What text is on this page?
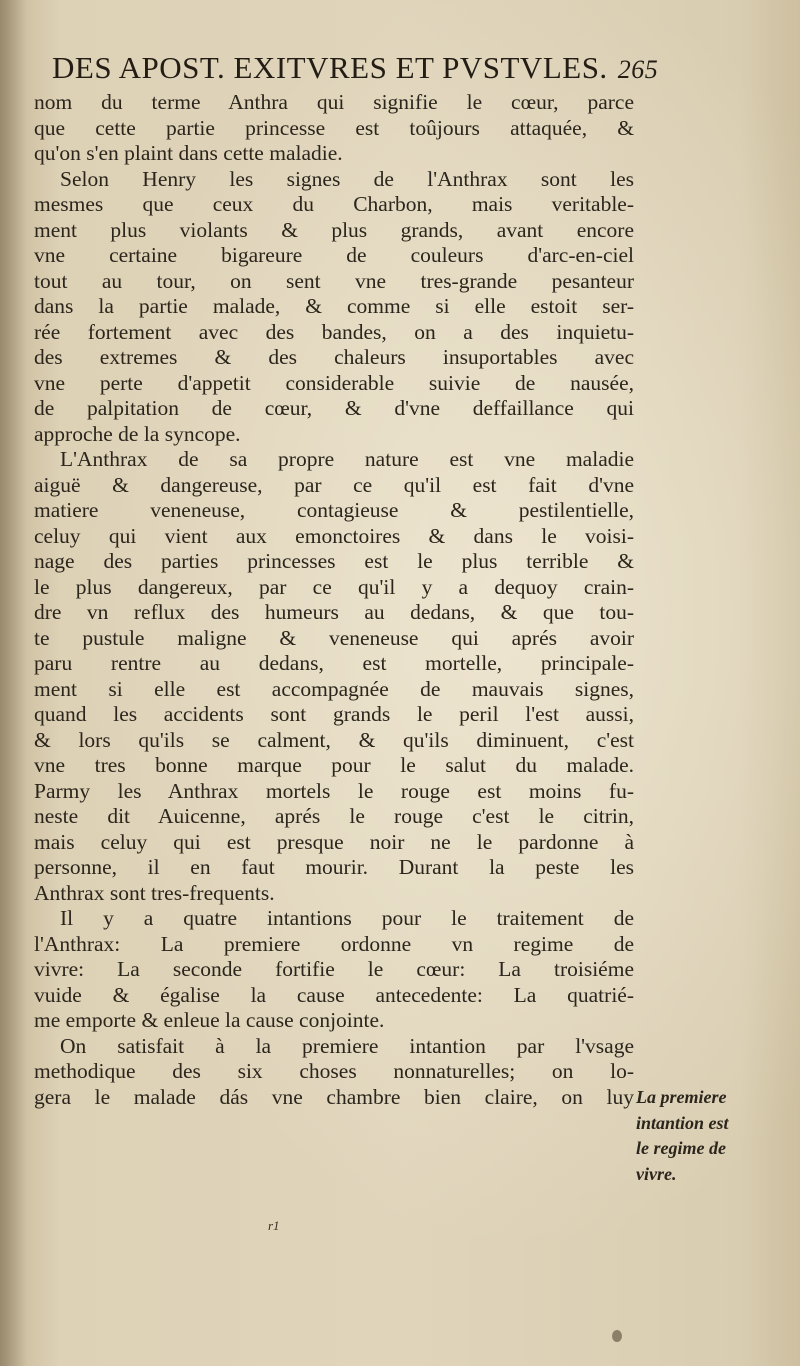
DES APOST. EXITVRES ET PVSTVLES. 265
nom du terme Anthra qui signifie le cœur, parce
que cette partie princesse est toûjours attaquée, &
qu'on s'en plaint dans cette maladie.
Selon Henry les signes de l'Anthrax sont les
mesmes que ceux du Charbon, mais veritable-
ment plus violants & plus grands, avant encore
vne certaine bigareure de couleurs d'arc-en-ciel
tout au tour, on sent vne tres-grande pesanteur
dans la partie malade, & comme si elle estoit ser-
rée fortement avec des bandes, on a des inquietu-
des extremes & des chaleurs insuportables avec
vne perte d'appetit considerable suivie de nausée,
de palpitation de cœur, & d'vne deffaillance qui
approche de la syncope.
L'Anthrax de sa propre nature est vne maladie
aiguë & dangereuse, par ce qu'il est fait d'vne
matiere veneneuse, contagieuse & pestilentielle,
celuy qui vient aux emonctoires & dans le voisi-
nage des parties princesses est le plus terrible &
le plus dangereux, par ce qu'il y a dequoy crain-
dre vn reflux des humeurs au dedans, & que tou-
te pustule maligne & veneneuse qui aprés avoir
paru rentre au dedans, est mortelle, principale-
ment si elle est accompagnée de mauvais signes,
quand les accidents sont grands le peril l'est aussi,
& lors qu'ils se calment, & qu'ils diminuent, c'est
vne tres bonne marque pour le salut du malade.
Parmy les Anthrax mortels le rouge est moins fu-
neste dit Auicenne, aprés le rouge c'est le citrin,
mais celuy qui est presque noir ne le pardonne à
personne, il en faut mourir. Durant la peste les
Anthrax sont tres-frequents.
Il y a quatre intantions pour le traitement de
l'Anthrax: La premiere ordonne vn regime de
vivre: La seconde fortifie le cœur: La troisiéme
vuide & égalise la cause antecedente: La quatrié-
me emporte & enleue la cause conjointe.
On satisfait à la premiere intantion par l'vsage
methodique des six choses nonnaturelles; on lo-
gera le malade dás vne chambre bien claire, on luy La premiere
intantion est
le regime de
vivre.
r1
